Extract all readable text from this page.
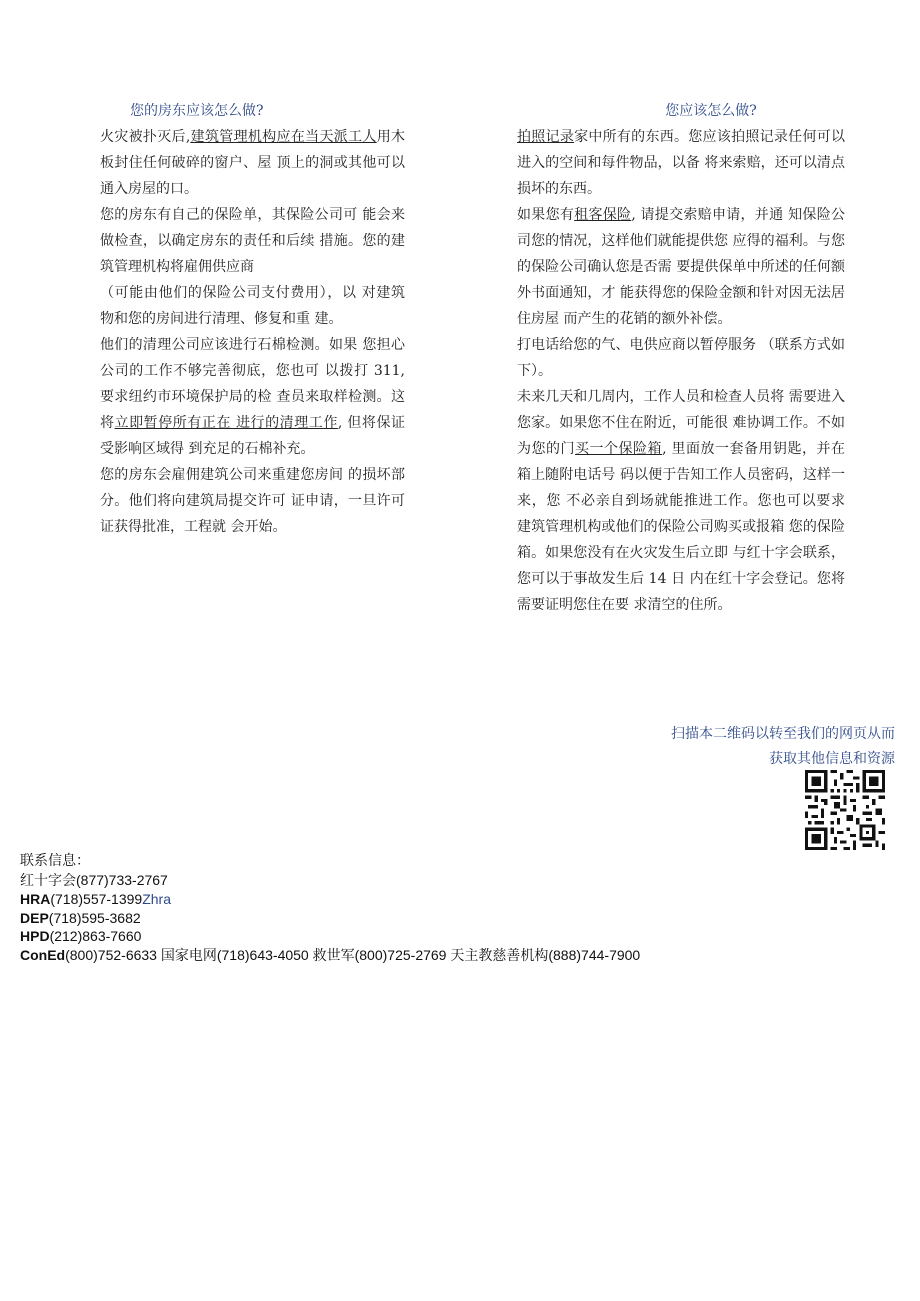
您的房东应该怎么做?

火灾被扑灭后,建筑管理机构应在当天派工人用木板封住任何破碎的窗户、屋 顶上的洞或其他可以通入房屋的口。

您的房东有自己的保险单，其保险公司可 能会来做检查，以确定房东的责任和后续 措施。您的建筑管理机构将雇佣供应商

（可能由他们的保险公司支付费用），以 对建筑物和您的房间进行清理、修复和重 建。

他们的清理公司应该进行石棉检测。如果 您担心公司的工作不够完善彻底，您也可 以拨打 311,要求纽约市环境保护局的检 查员来取样检测。这将立即暂停所有正在 进行的清理工作, 但将保证受影响区域得 到充足的石棉补充。

您的房东会雇佣建筑公司来重建您房间 的损坏部分。他们将向建筑局提交许可 证申请，一旦许可证获得批准，工程就 会开始。

您应该怎么做?

拍照记录家中所有的东西。您应该拍照记录任何可以进入的空间和每件物品，以备 将来索赔，还可以清点损坏的东西。

如果您有租客保险, 请提交索赔申请，并通 知保险公司您的情况，这样他们就能提供您 应得的福利。与您的保险公司确认您是否需 要提供保单中所述的任何额外书面通知，才 能获得您的保险金额和针对因无法居住房屋 而产生的花销的额外补偿。

打电话给您的气、电供应商以暂停服务 （联系方式如下）。

未来几天和几周内，工作人员和检查人员将 需要进入您家。如果您不住在附近，可能很 难协调工作。不如为您的门买一个保险箱, 里面放一套备用钥匙，并在箱上随附电话号 码以便于告知工作人员密码，这样一来，您 不必亲自到场就能推进工作。您也可以要求 建筑管理机构或他们的保险公司购买或报箱 您的保险箱。如果您没有在火灾发生后立即 与红十字会联系，您可以于事故发生后 14 日 内在红十字会登记。您将需要证明您住在要 求清空的住所。

扫描本二维码以转至我们的网页从而
获取其他信息和资源
联系信息：
红十字会(877)733-2767
HRA(718)557-1399Zhra
DEP(718)595-3682
HPD(212)863-7660
ConEd(800)752-6633 国家电网(718)643-4050 救世军(800)725-2769 天主教慈善机构(888)744-7900
